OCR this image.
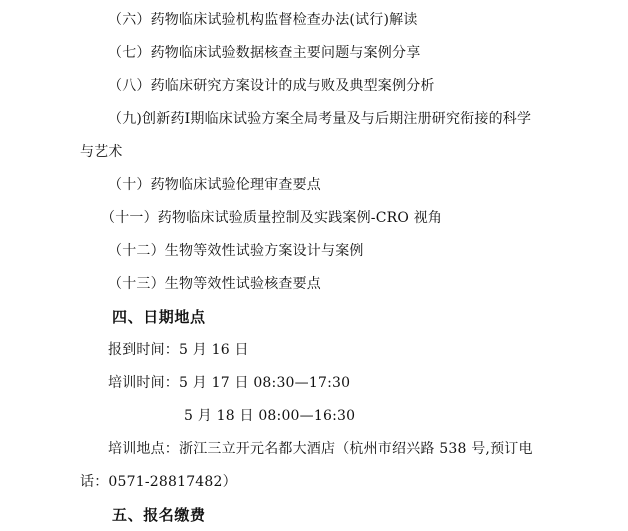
（六）药物临床试验机构监督检查办法(试行)解读
（七）药物临床试验数据核查主要问题与案例分享
（八）药临床研究方案设计的成与败及典型案例分析
（九)创新药Ⅰ期临床试验方案全局考量及与后期注册研究衔接的科学
与艺术
（十）药物临床试验伦理审查要点
（十一）药物临床试验质量控制及实践案例-CRO 视角
（十二）生物等效性试验方案设计与案例
（十三）生物等效性试验核查要点
四、日期地点
报到时间：5 月 16 日
培训时间：5 月 17 日 08:30—17:30
5 月 18 日 08:00—16:30
培训地点：浙江三立开元名都大酒店（杭州市绍兴路 538 号,预订电
话：0571-28817482）
五、报名缴费
